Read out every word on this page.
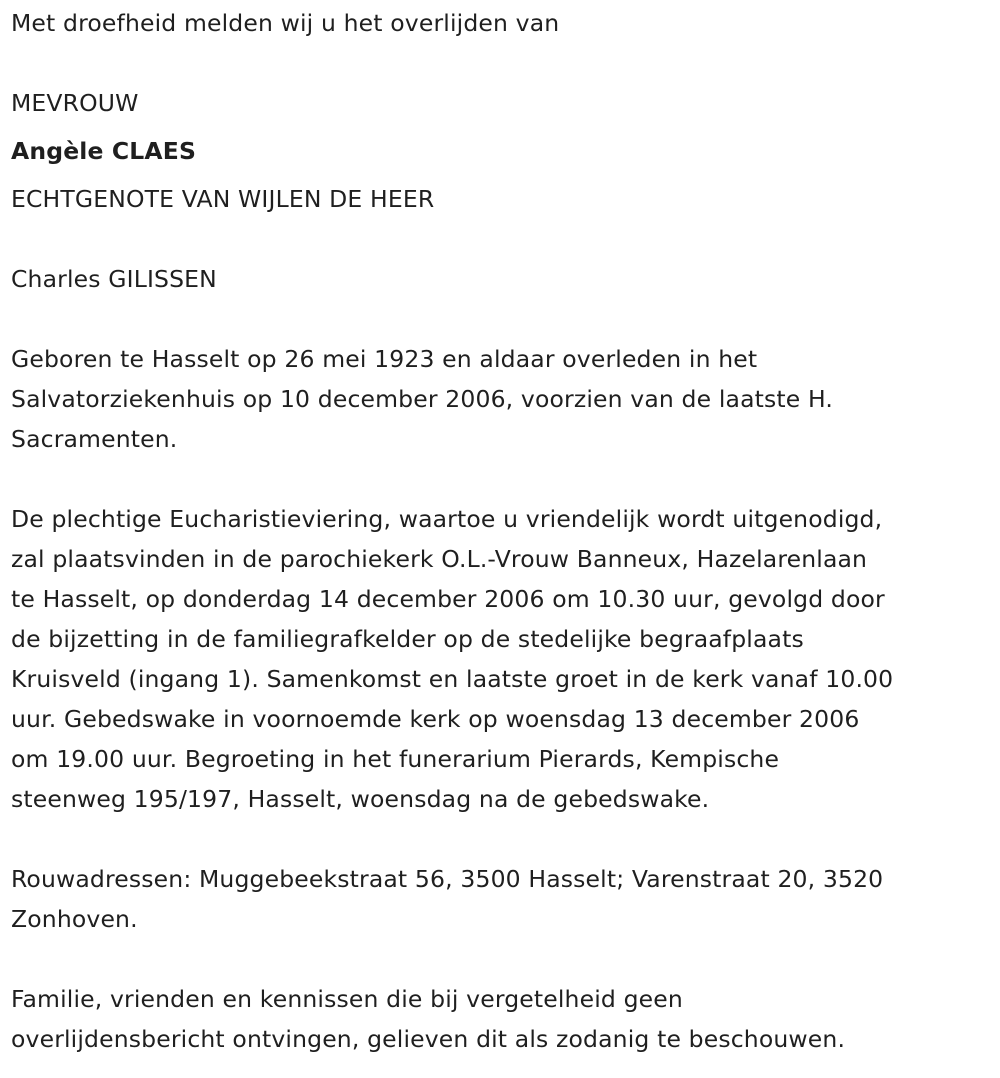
Met droefheid melden wij u het overlijden van

MEVROUW

Angèle CLAES

ECHTGENOTE VAN WIJLEN DE HEER

Charles GILISSEN

Geboren te Hasselt op 26 mei 1923 en aldaar overleden in het
Salvatorziekenhuis op 10 december 2006, voorzien van de laatste H.
Sacramenten.

De plechtige Eucharistieviering, waartoe u vriendelijk wordt uitgenodigd,
zal plaatsvinden in de parochiekerk O.L.-Vrouw Banneux, Hazelarenlaan
te Hasselt, op donderdag 14 december 2006 om 10.30 uur, gevolgd door
de bijzetting in de familiegrafkelder op de stedelijke begraafplaats
Kruisveld (ingang 1). Samenkomst en laatste groet in de kerk vanaf 10.00
uur. Gebedswake in voornoemde kerk op woensdag 13 december 2006
om 19.00 uur. Begroeting in het funerarium Pierards, Kempische
steenweg 195/197, Hasselt, woensdag na de gebedswake.

Rouwadressen: Muggebeekstraat 56, 3500 Hasselt; Varenstraat 20, 3520
Zonhoven.

Familie, vrienden en kennissen die bij vergetelheid geen
overlijdensbericht ontvingen, gelieven dit als zodanig te beschouwen.
